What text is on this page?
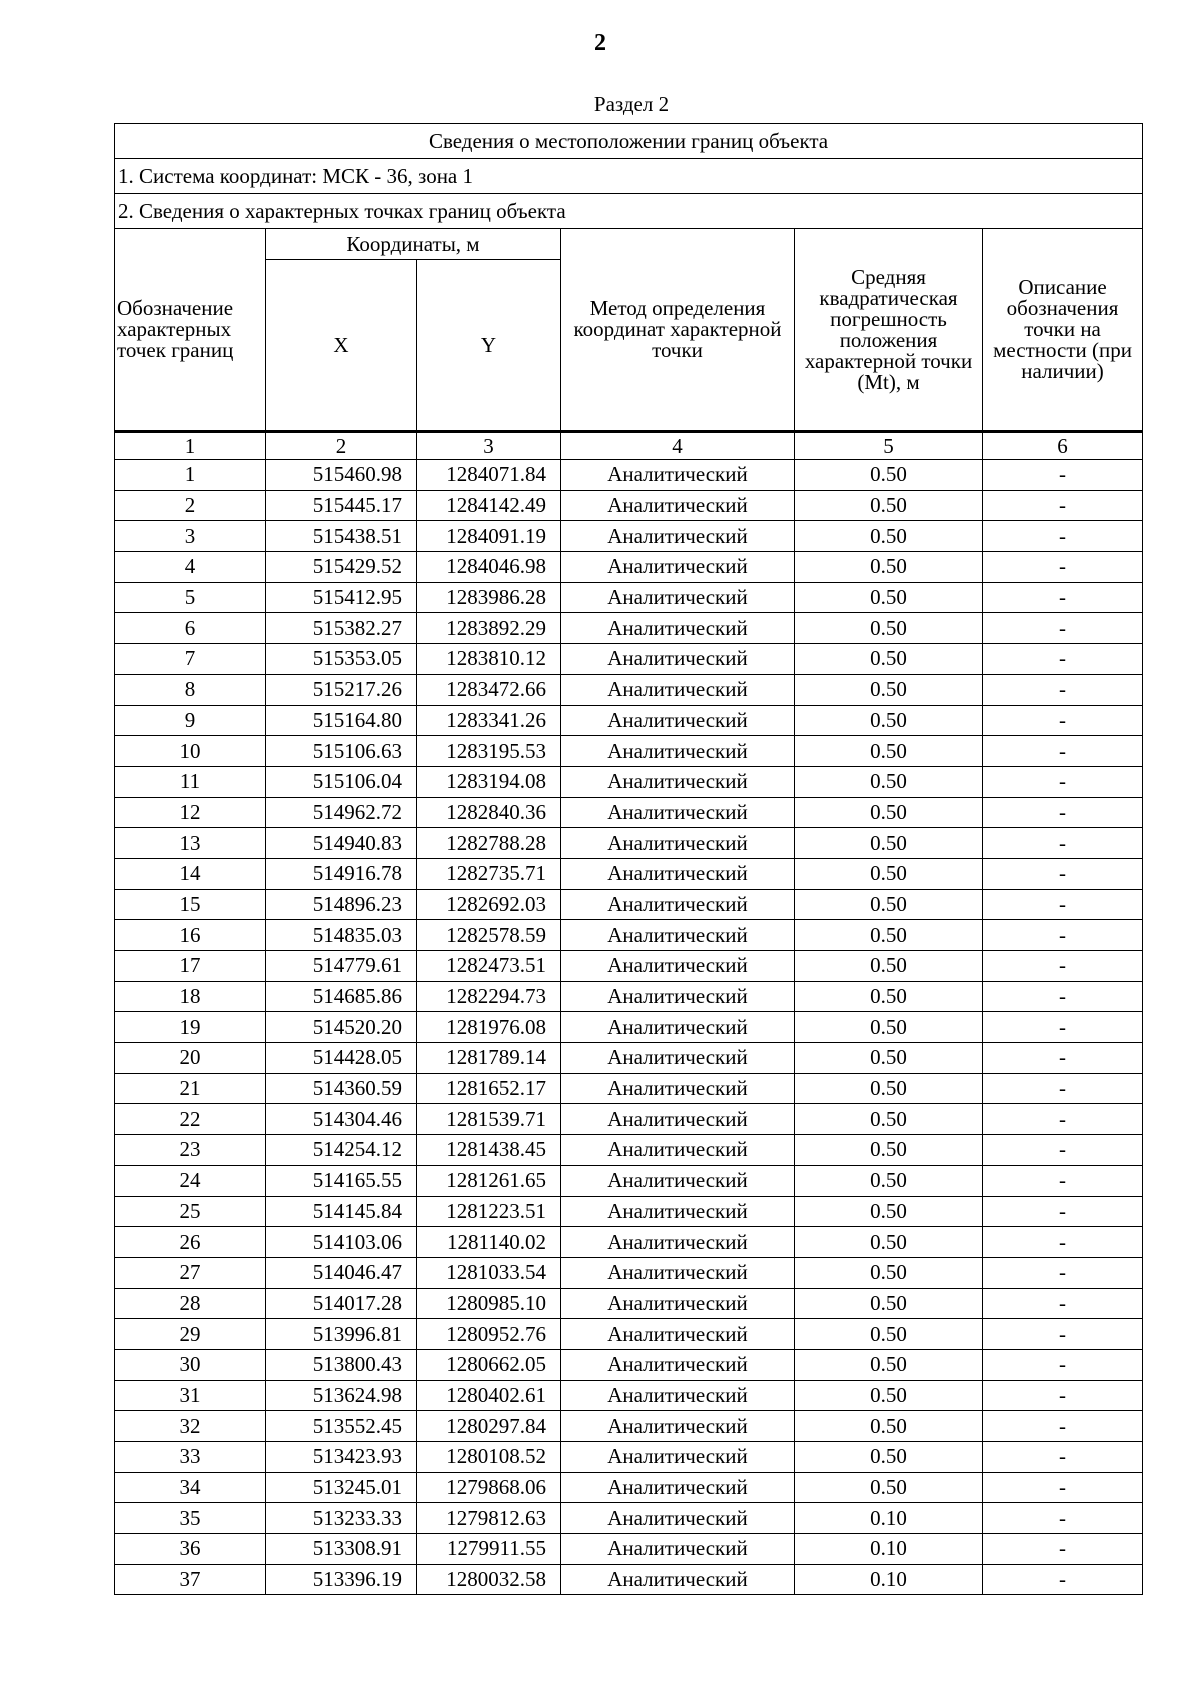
2
Раздел 2
Сведения о местоположении границ объекта					
1. Система координат: МСК - 36, зона 1					
2. Сведения о характерных точках границ объекта					
Обозначение характерных точек границ	Координаты, м		Метод определения координат характерной точки	Средняя квадратическая погрешность положения характерной точки (Mt), м	Описание обозначения точки на местности (при наличии)
	X	Y			
1	2	3	4	5	6
1	515460.98	1284071.84	Аналитический	0.50	-
2	515445.17	1284142.49	Аналитический	0.50	-
3	515438.51	1284091.19	Аналитический	0.50	-
4	515429.52	1284046.98	Аналитический	0.50	-
5	515412.95	1283986.28	Аналитический	0.50	-
6	515382.27	1283892.29	Аналитический	0.50	-
7	515353.05	1283810.12	Аналитический	0.50	-
8	515217.26	1283472.66	Аналитический	0.50	-
9	515164.80	1283341.26	Аналитический	0.50	-
10	515106.63	1283195.53	Аналитический	0.50	-
11	515106.04	1283194.08	Аналитический	0.50	-
12	514962.72	1282840.36	Аналитический	0.50	-
13	514940.83	1282788.28	Аналитический	0.50	-
14	514916.78	1282735.71	Аналитический	0.50	-
15	514896.23	1282692.03	Аналитический	0.50	-
16	514835.03	1282578.59	Аналитический	0.50	-
17	514779.61	1282473.51	Аналитический	0.50	-
18	514685.86	1282294.73	Аналитический	0.50	-
19	514520.20	1281976.08	Аналитический	0.50	-
20	514428.05	1281789.14	Аналитический	0.50	-
21	514360.59	1281652.17	Аналитический	0.50	-
22	514304.46	1281539.71	Аналитический	0.50	-
23	514254.12	1281438.45	Аналитический	0.50	-
24	514165.55	1281261.65	Аналитический	0.50	-
25	514145.84	1281223.51	Аналитический	0.50	-
26	514103.06	1281140.02	Аналитический	0.50	-
27	514046.47	1281033.54	Аналитический	0.50	-
28	514017.28	1280985.10	Аналитический	0.50	-
29	513996.81	1280952.76	Аналитический	0.50	-
30	513800.43	1280662.05	Аналитический	0.50	-
31	513624.98	1280402.61	Аналитический	0.50	-
32	513552.45	1280297.84	Аналитический	0.50	-
33	513423.93	1280108.52	Аналитический	0.50	-
34	513245.01	1279868.06	Аналитический	0.50	-
35	513233.33	1279812.63	Аналитический	0.10	-
36	513308.91	1279911.55	Аналитический	0.10	-
37	513396.19	1280032.58	Аналитический	0.10	-
